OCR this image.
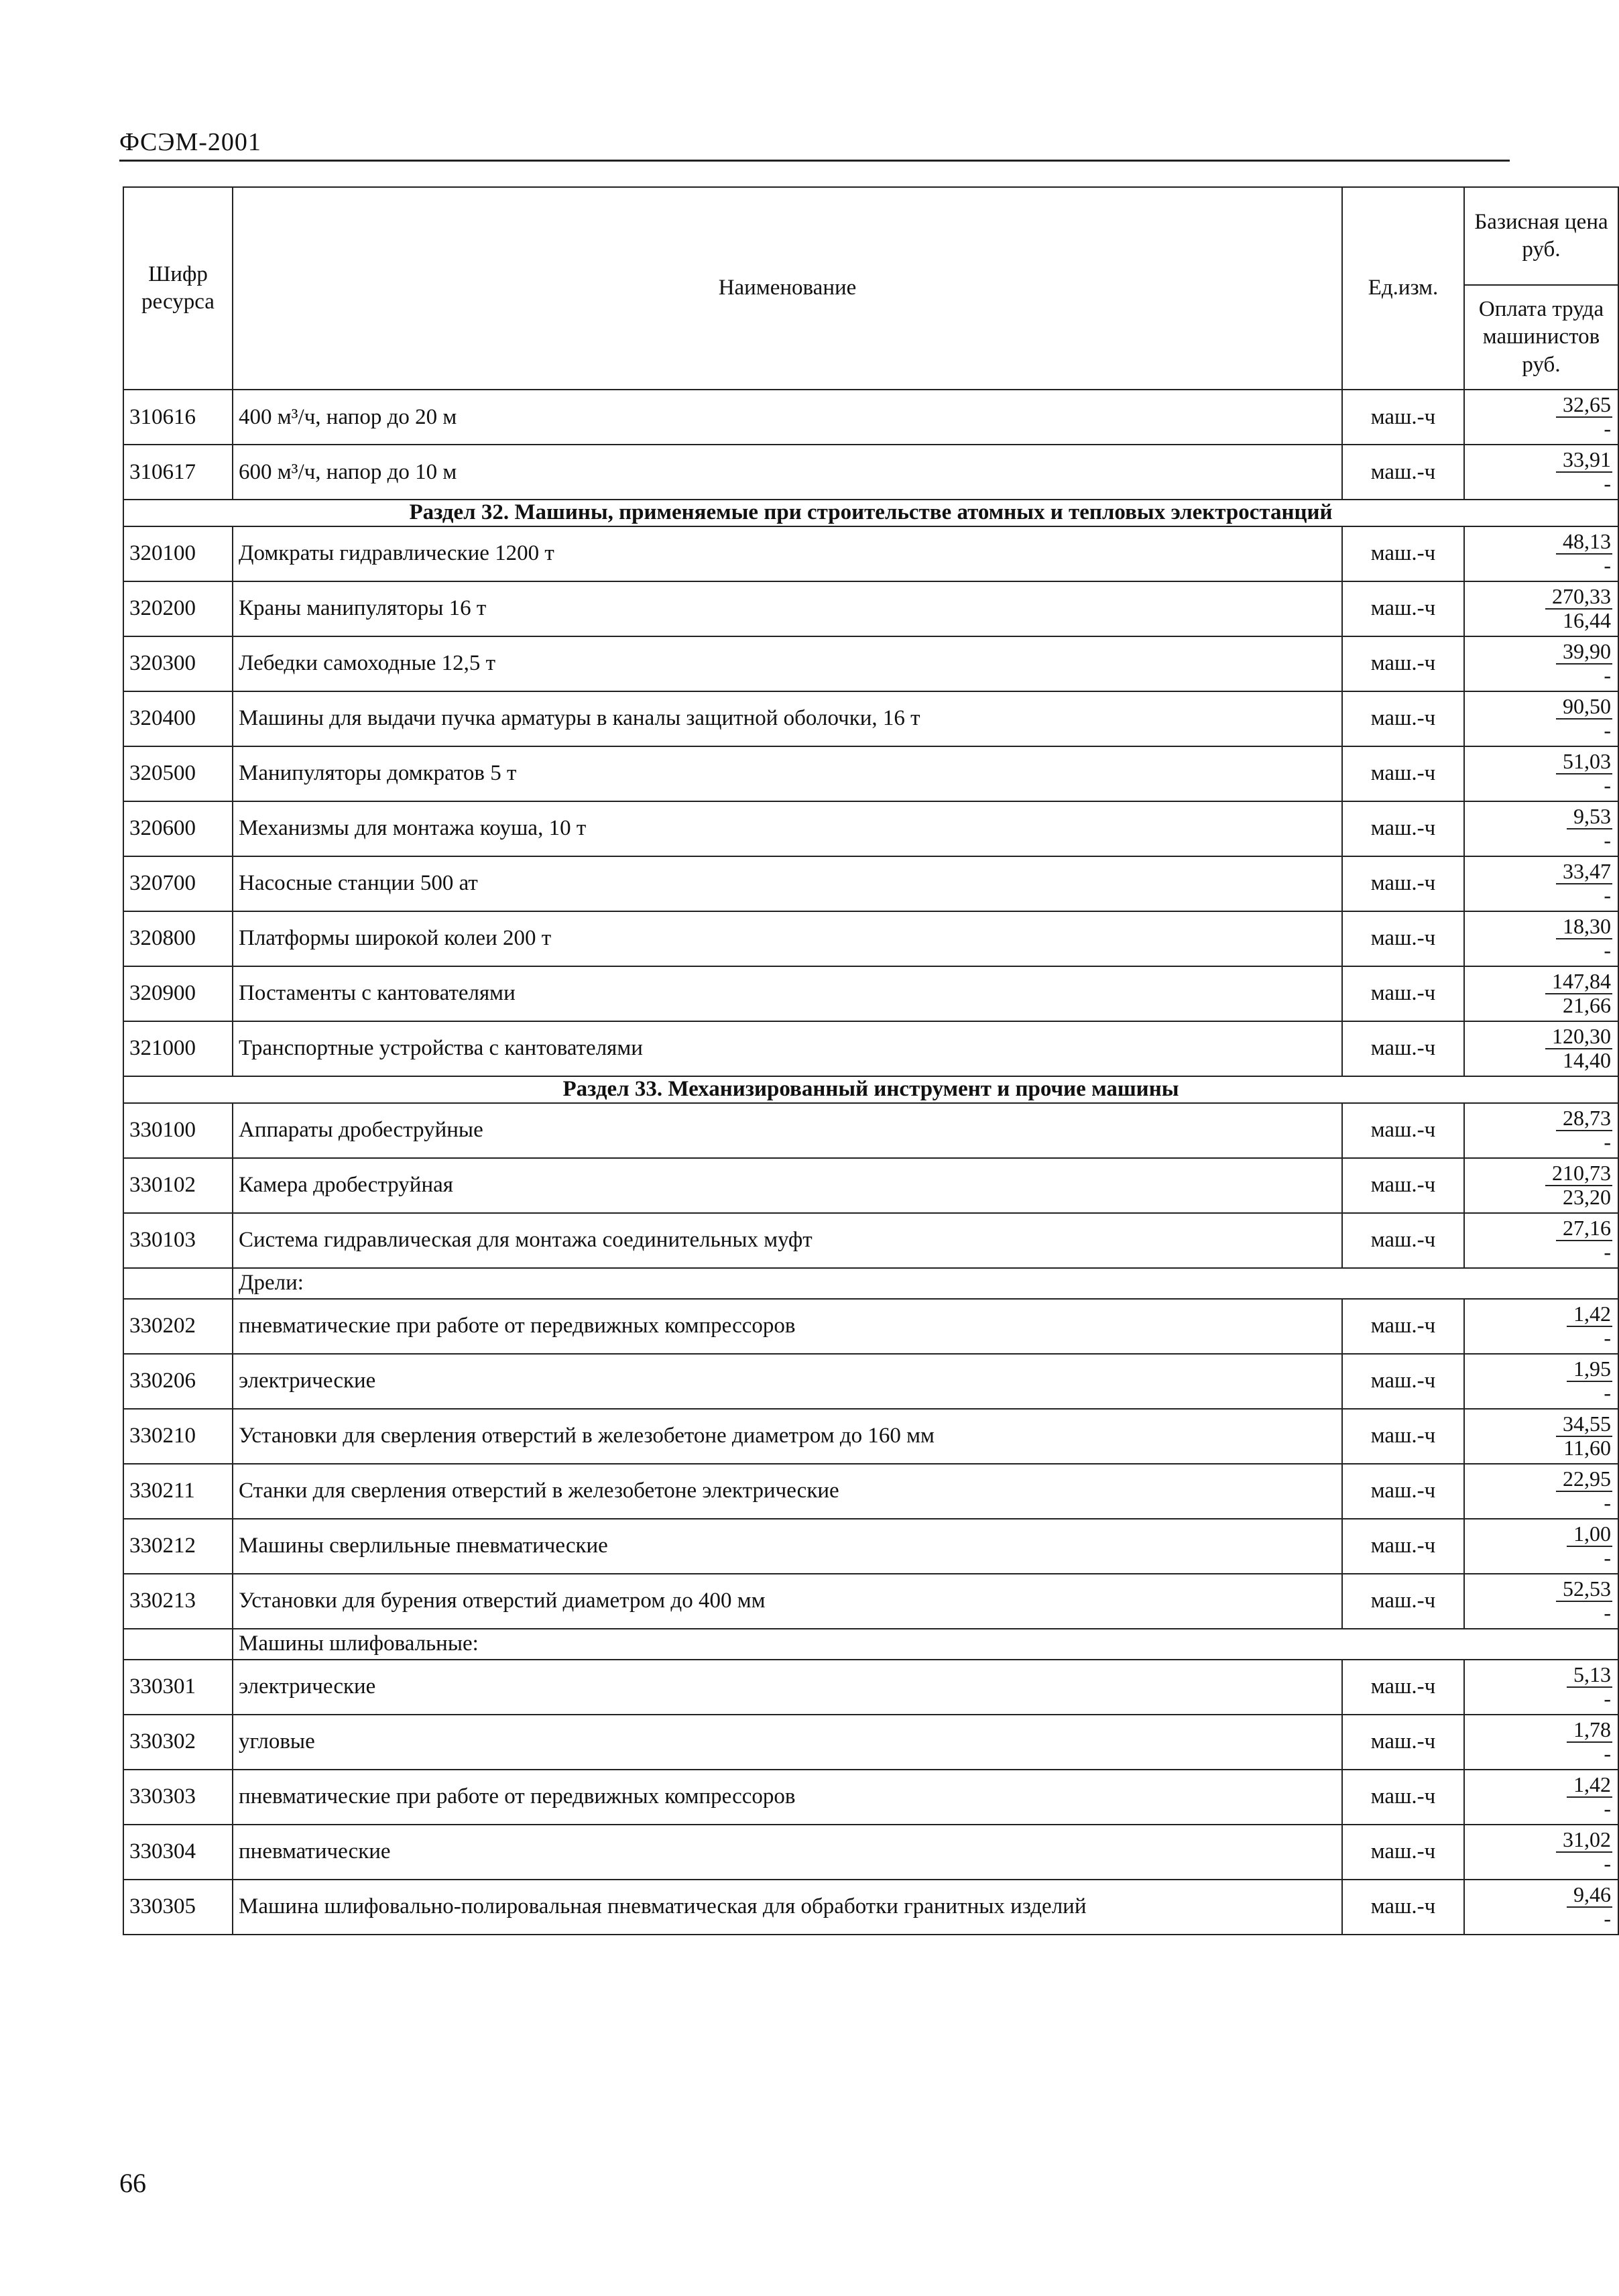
ФСЭМ-2001
Шифр ресурса	Наименование	Ед.изм.	Базисная цена руб.
			Оплата труда машинистов руб.
310616	400 м³/ч, напор до 20 м	маш.-ч	32,65
-

310617	600 м³/ч, напор до 10 м	маш.-ч	33,91
-

Раздел 32. Машины, применяемые при строительстве атомных и тепловых электростанций			
320100	Домкраты гидравлические 1200 т	маш.-ч	48,13
-

320200	Краны манипуляторы 16 т	маш.-ч	270,33
16,44

320300	Лебедки самоходные 12,5 т	маш.-ч	39,90
-

320400	Машины для выдачи пучка арматуры в каналы защитной оболочки, 16 т	маш.-ч	90,50
-

320500	Манипуляторы домкратов 5 т	маш.-ч	51,03
-

320600	Механизмы для монтажа коуша, 10 т	маш.-ч	9,53
-

320700	Насосные станции 500 ат	маш.-ч	33,47
-

320800	Платформы широкой колеи 200 т	маш.-ч	18,30
-

320900	Постаменты с кантователями	маш.-ч	147,84
21,66

321000	Транспортные устройства с кантователями	маш.-ч	120,30
14,40

Раздел 33. Механизированный инструмент и прочие машины			
330100	Аппараты дробеструйные	маш.-ч	28,73
-

330102	Камера дробеструйная	маш.-ч	210,73
23,20

330103	Система гидравлическая для монтажа соединительных муфт	маш.-ч	27,16
-

	Дрели:		
330202	пневматические при работе от передвижных компрессоров	маш.-ч	1,42
-

330206	электрические	маш.-ч	1,95
-

330210	Установки для сверления отверстий в железобетоне диаметром до 160 мм	маш.-ч	34,55
11,60

330211	Станки для сверления отверстий в железобетоне электрические	маш.-ч	22,95
-

330212	Машины сверлильные пневматические	маш.-ч	1,00
-

330213	Установки для бурения отверстий диаметром до 400 мм	маш.-ч	52,53
-

	Машины шлифовальные:		
330301	электрические	маш.-ч	5,13
-

330302	угловые	маш.-ч	1,78
-

330303	пневматические при работе от передвижных компрессоров	маш.-ч	1,42
-

330304	пневматические	маш.-ч	31,02
-

330305	Машина шлифовально-полировальная пневматическая для обработки гранитных изделий	маш.-ч	9,46
-
66
